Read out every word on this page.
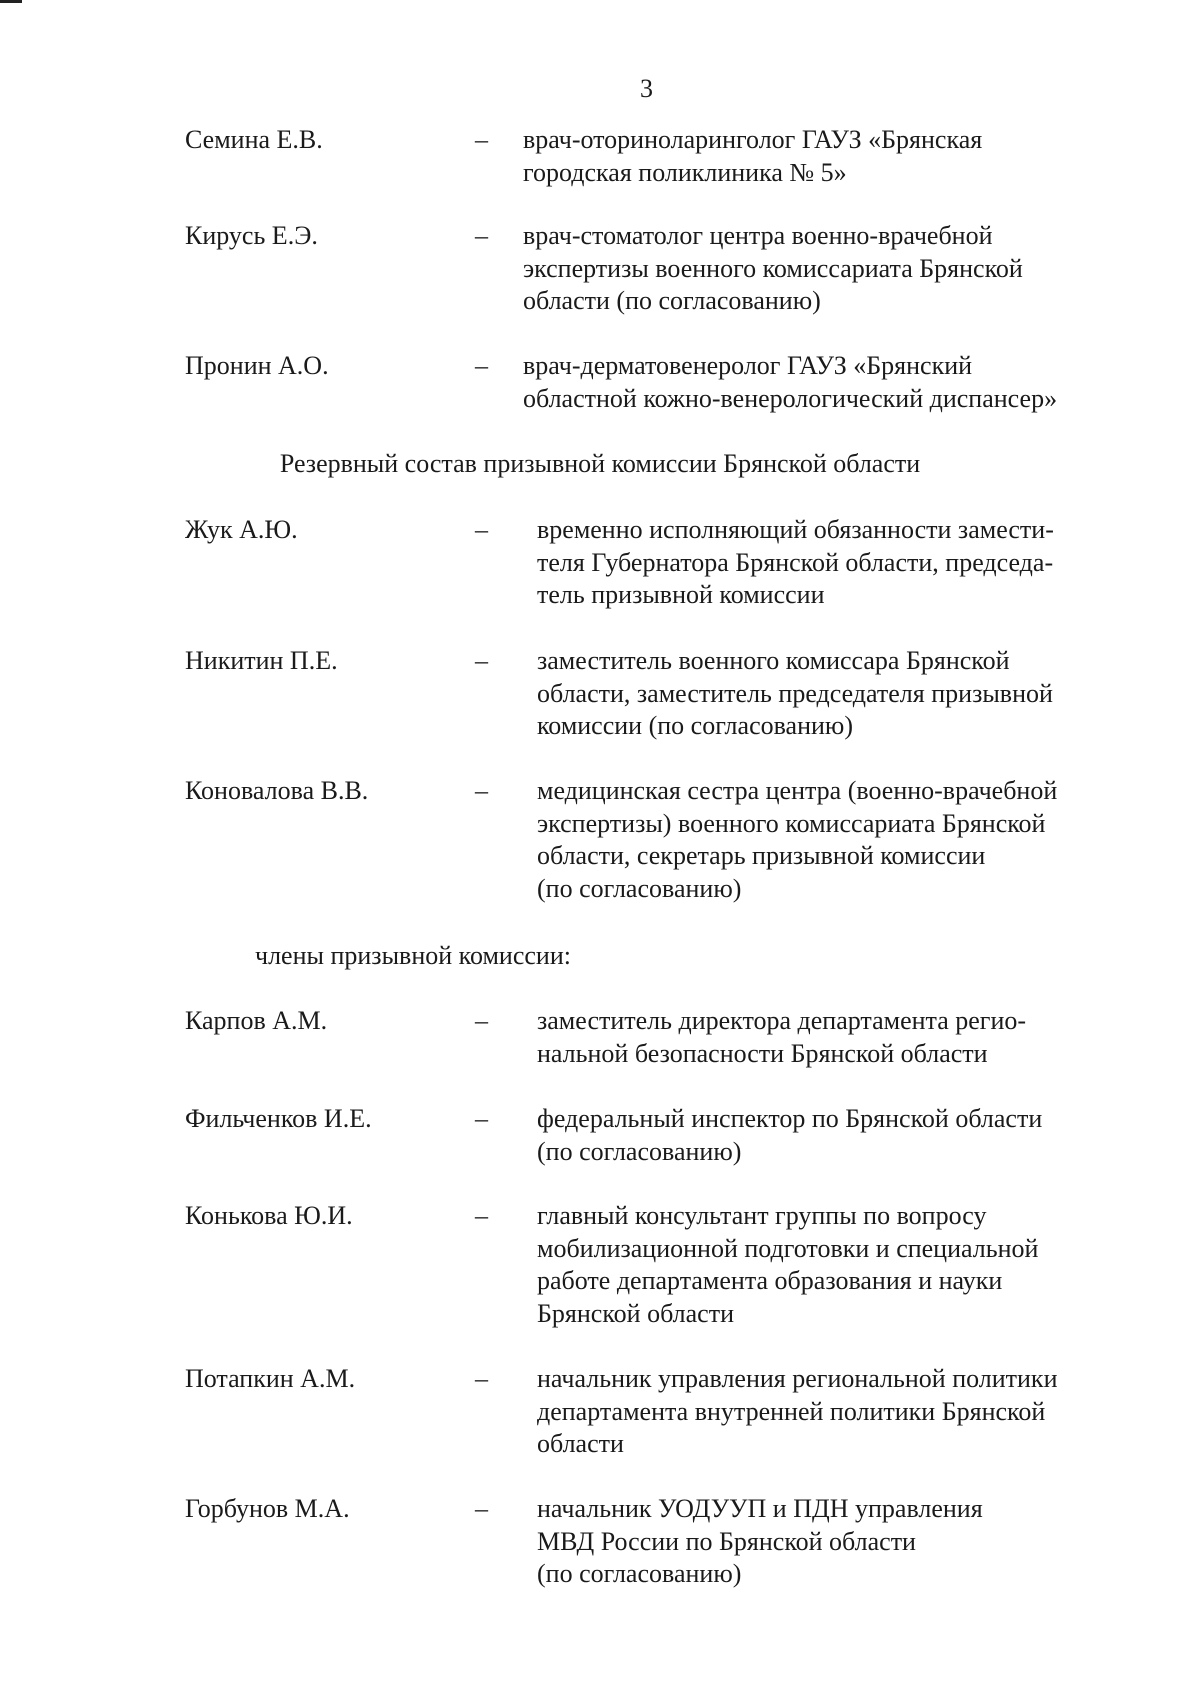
3
Семина Е.В.	– врач-оториноларинголог ГАУЗ «Брянская
городская поликлиника № 5»
Кирусь Е.Э.	– врач-стоматолог центра военно-врачебной
экспертизы военного комиссариата Брянской
области (по согласованию)
Пронин А.О.	– врач-дерматовенеролог ГАУЗ «Брянский
областной кожно-венерологический диспансер»
Резервный состав призывной комиссии Брянской области
Жук А.Ю.	– временно исполняющий обязанности замести-
теля Губернатора Брянской области, председа-
тель призывной комиссии
Никитин П.Е.	– заместитель военного комиссара Брянской
области, заместитель председателя призывной
комиссии (по согласованию)
Коновалова В.В.	– медицинская сестра центра (военно-врачебной
экспертизы) военного комиссариата Брянской
области, секретарь призывной комиссии
(по согласованию)
члены призывной комиссии:
Карпов А.М.	– заместитель директора департамента регио-
нальной безопасности Брянской области
Фильченков И.Е.	– федеральный инспектор по Брянской области
(по согласованию)
Конькова Ю.И.	– главный консультант группы по вопросу
мобилизационной подготовки и специальной
работе департамента образования и науки
Брянской области
Потапкин А.М.	– начальник управления региональной политики
департамента внутренней политики Брянской
области
Горбунов М.А.	– начальник УОДУУП и ПДН управления
МВД России по Брянской области
(по согласованию)
